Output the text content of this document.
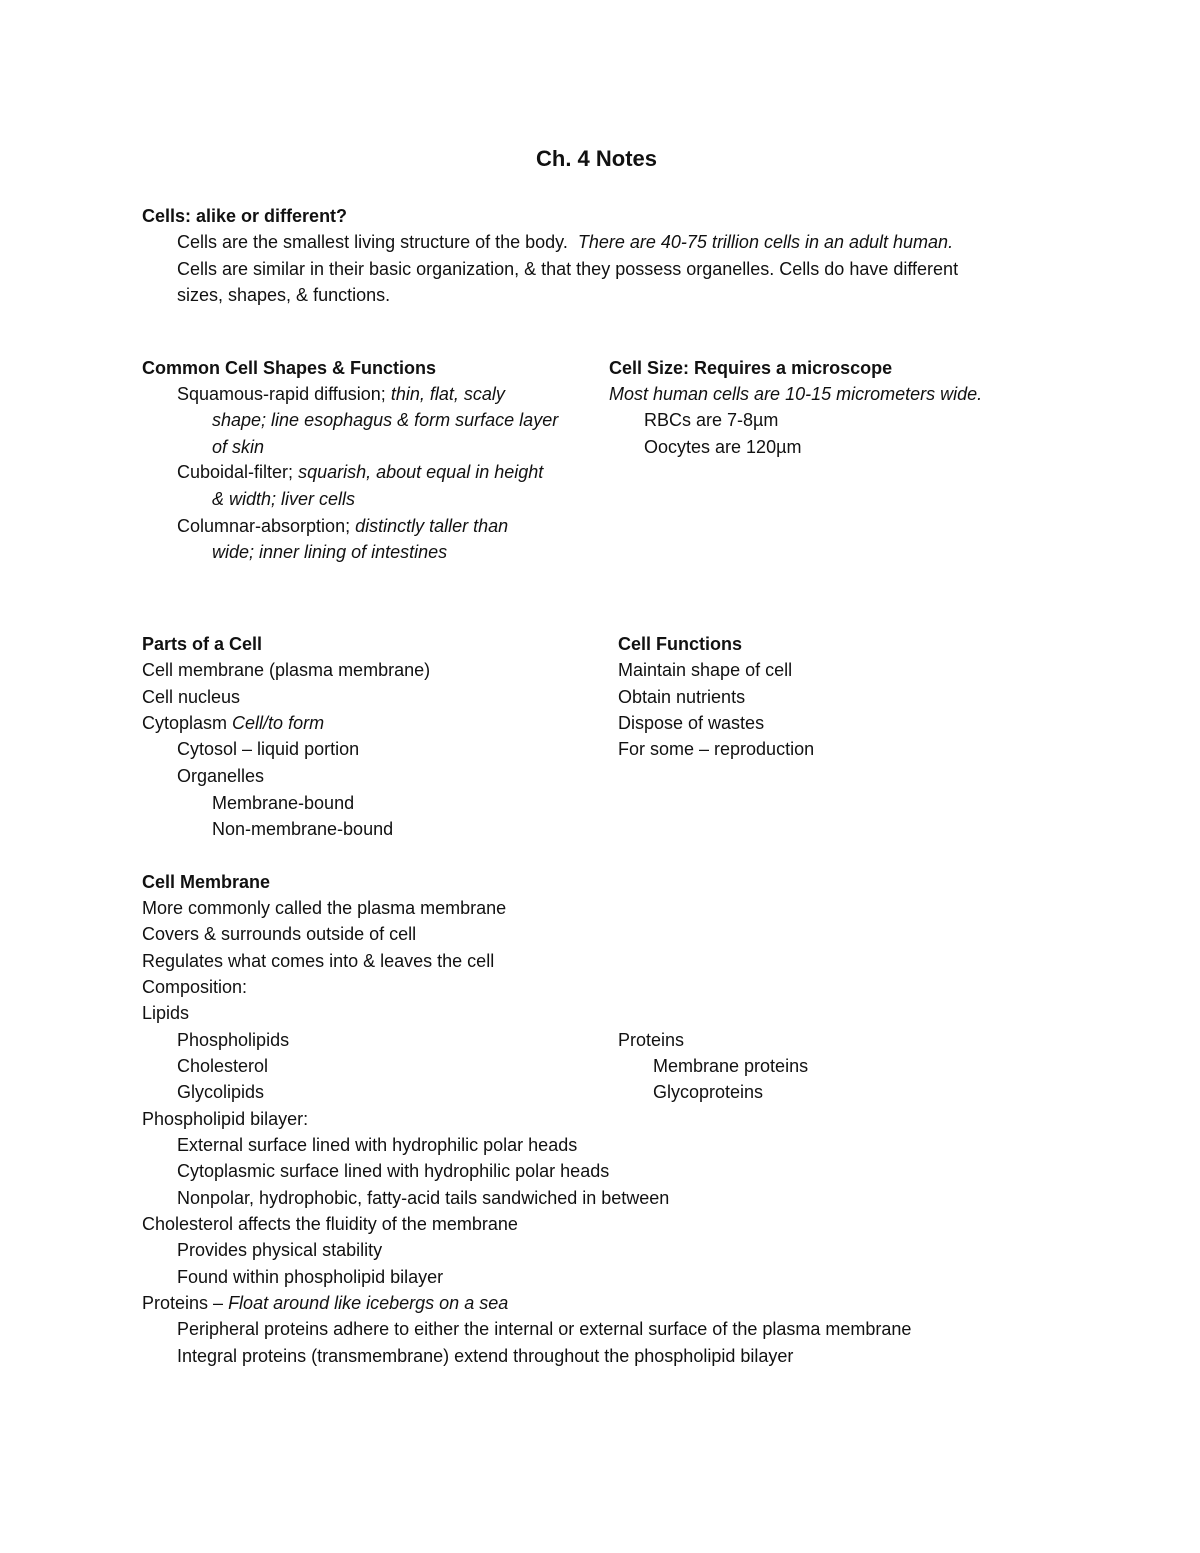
Ch. 4 Notes
Cells: alike or different?
Cells are the smallest living structure of the body. There are 40-75 trillion cells in an adult human.
Cells are similar in their basic organization, & that they possess organelles. Cells do have different
sizes, shapes, & functions.
Common Cell Shapes & Functions
Squamous-rapid diffusion; thin, flat, scaly
shape; line esophagus & form surface layer
of skin
Cuboidal-filter; squarish, about equal in height
& width; liver cells
Columnar-absorption; distinctly taller than
wide; inner lining of intestines
Cell Size: Requires a microscope
Most human cells are 10-15 micrometers wide.
RBCs are 7-8µm
Oocytes are 120µm
Parts of a Cell
Cell membrane (plasma membrane)
Cell nucleus
Cytoplasm Cell/to form
Cytosol – liquid portion
Organelles
Membrane-bound
Non-membrane-bound
Cell Functions
Maintain shape of cell
Obtain nutrients
Dispose of wastes
For some – reproduction
Cell Membrane
More commonly called the plasma membrane
Covers & surrounds outside of cell
Regulates what comes into & leaves the cell
Composition:
Lipids
Phospholipids
Cholesterol
Glycolipids
Proteins
Membrane proteins
Glycoproteins
Phospholipid bilayer:
External surface lined with hydrophilic polar heads
Cytoplasmic surface lined with hydrophilic polar heads
Nonpolar, hydrophobic, fatty-acid tails sandwiched in between
Cholesterol affects the fluidity of the membrane
Provides physical stability
Found within phospholipid bilayer
Proteins – Float around like icebergs on a sea
Peripheral proteins adhere to either the internal or external surface of the plasma membrane
Integral proteins (transmembrane) extend throughout the phospholipid bilayer
